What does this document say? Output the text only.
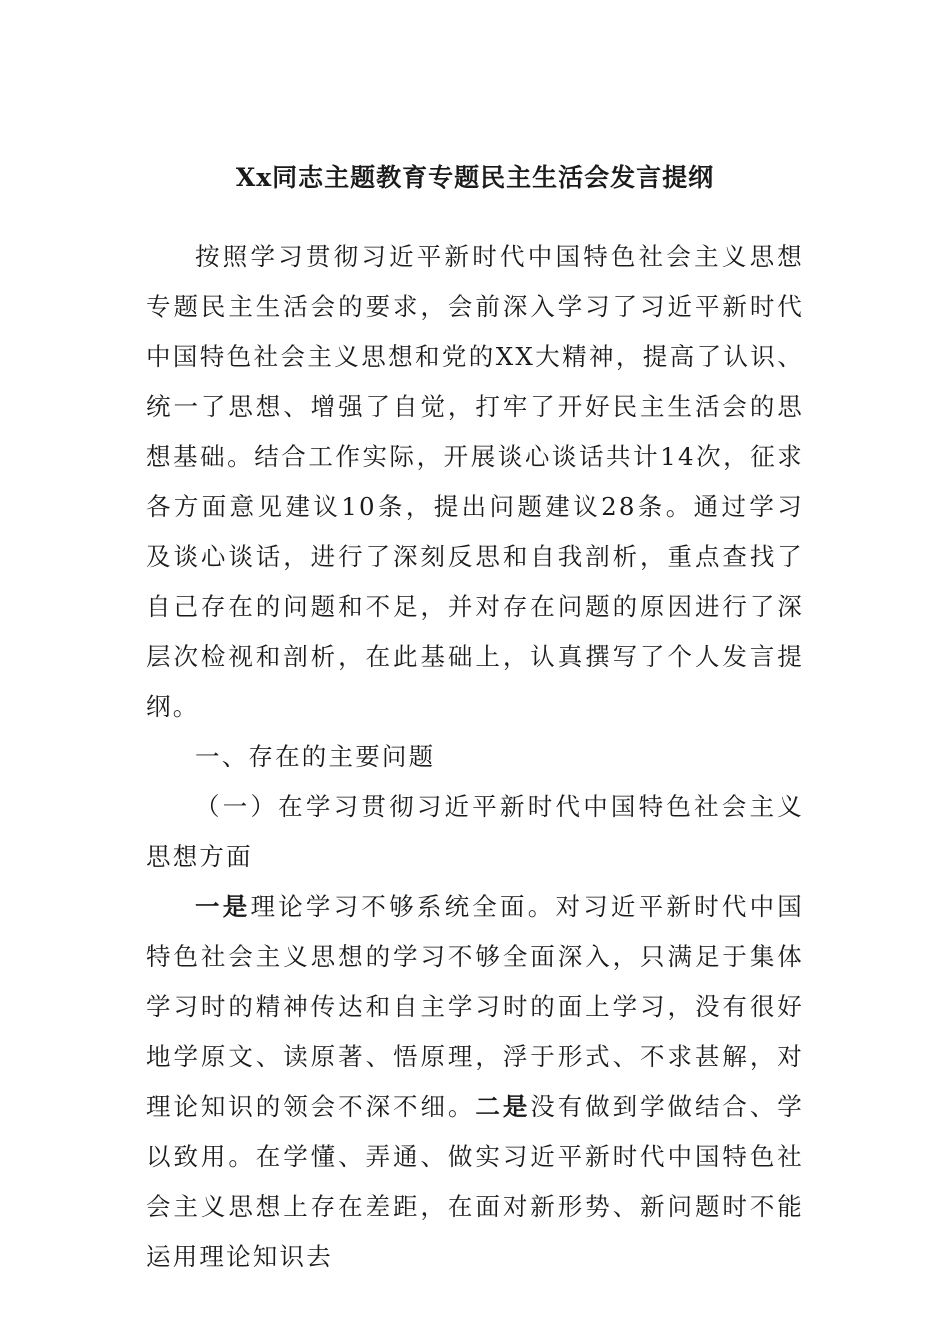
Xx同志主题教育专题民主生活会发言提纲

按照学习贯彻习近平新时代中国特色社会主义思想专题民主生活会的要求，会前深入学习了习近平新时代中国特色社会主义思想和党的XX大精神，提高了认识、统一了思想、增强了自觉，打牢了开好民主生活会的思想基础。结合工作实际，开展谈心谈话共计14次，征求各方面意见建议10条，提出问题建议28条。通过学习及谈心谈话，进行了深刻反思和自我剖析，重点查找了自己存在的问题和不足，并对存在问题的原因进行了深层次检视和剖析，在此基础上，认真撰写了个人发言提纲。

一、存在的主要问题

（一）在学习贯彻习近平新时代中国特色社会主义思想方面

一是理论学习不够系统全面。对习近平新时代中国特色社会主义思想的学习不够全面深入，只满足于集体学习时的精神传达和自主学习时的面上学习，没有很好地学原文、读原著、悟原理，浮于形式、不求甚解，对理论知识的领会不深不细。二是没有做到学做结合、学以致用。在学懂、弄通、做实习近平新时代中国特色社会主义思想上存在差距，在面对新形势、新问题时不能运用理论知识去
